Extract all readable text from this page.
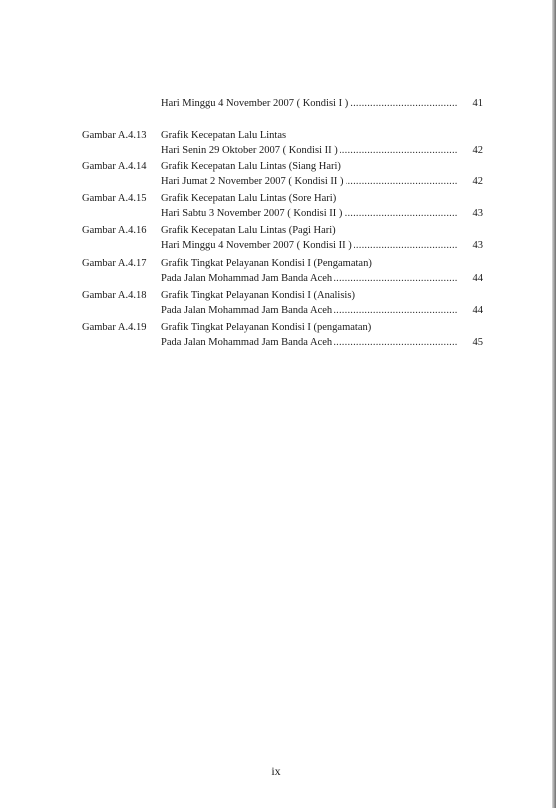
.....
Hari Minggu 4 November 2007 ( Kondisi I )	41
Gambar A.4.13 Grafik Kecepatan Lalu Lintas
.....
Hari Senin 29 Oktober 2007 ( Kondisi II )	42
Gambar A.4.14 Grafik Kecepatan Lalu Lintas (Siang Hari)
.....
Hari Jumat 2 November 2007 ( Kondisi II )	42
Gambar A.4.15 Grafik Kecepatan Lalu Lintas (Sore Hari)
.....
Hari Sabtu 3 November 2007 ( Kondisi II )	43
Gambar A.4.16 Grafik Kecepatan Lalu Lintas (Pagi Hari)
.....
Hari Minggu 4 November 2007 ( Kondisi II )	43
Gambar A.4.17 Grafik Tingkat Pelayanan Kondisi I (Pengamatan)
.....
Pada Jalan Mohammad Jam Banda Aceh	44
Gambar A.4.18 Grafik Tingkat Pelayanan Kondisi I (Analisis)
.....
Pada Jalan Mohammad Jam Banda Aceh	44
Gambar A.4.19 Grafik Tingkat Pelayanan Kondisi I (pengamatan)
.....
Pada Jalan Mohammad Jam Banda Aceh	45
ix
